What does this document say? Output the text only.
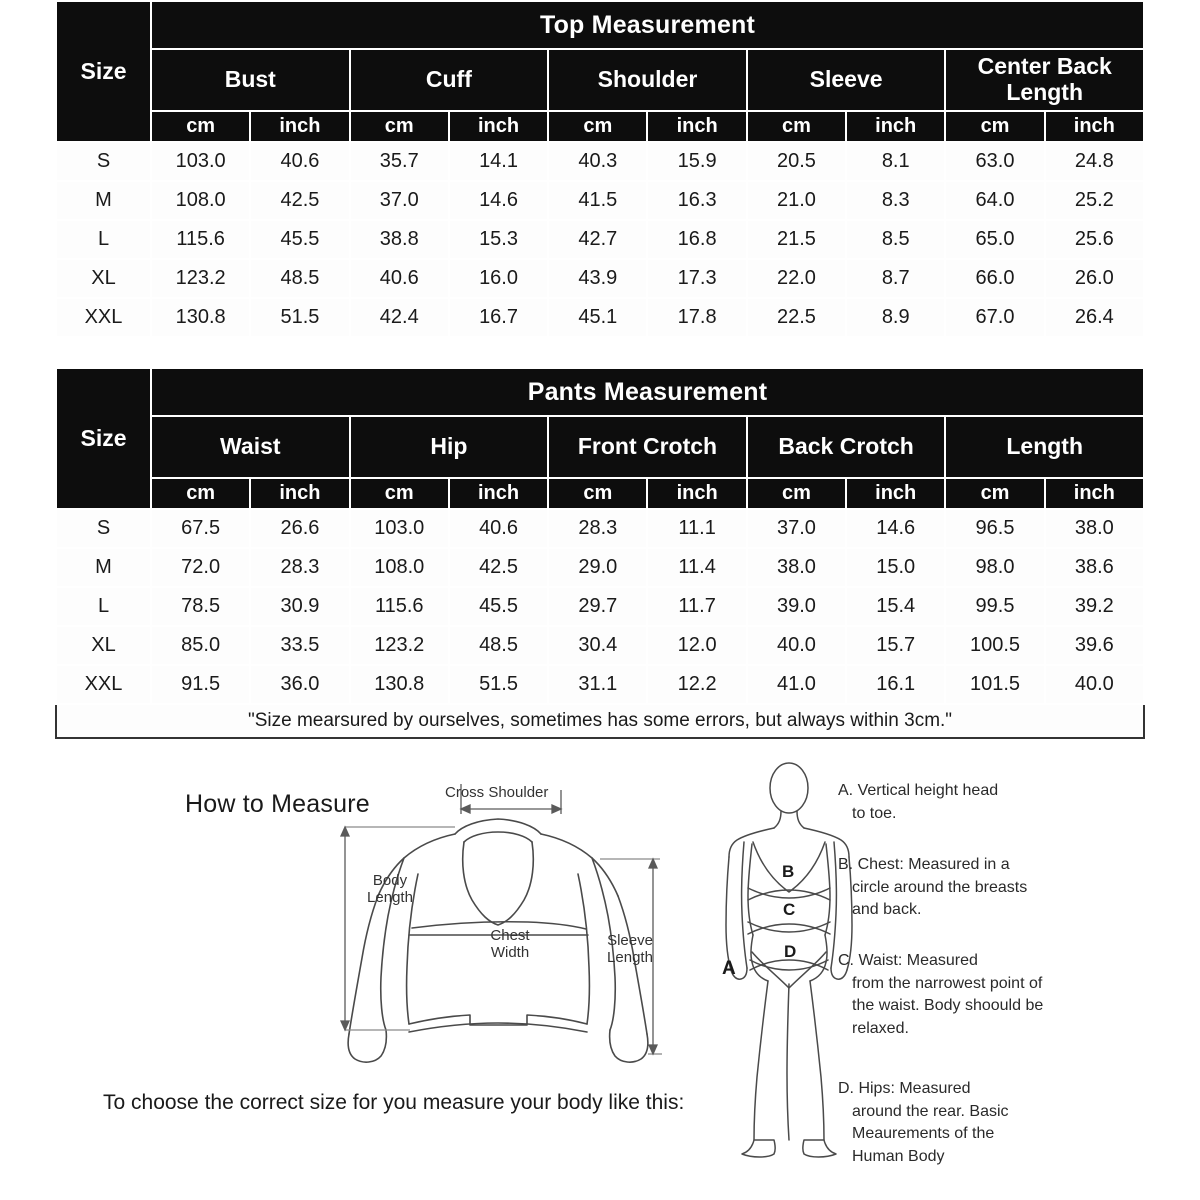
Size	Top Measurement									
	Bust		Cuff		Shoulder		Sleeve		Center Back Length	
	cm	inch	cm	inch	cm	inch	cm	inch	cm	inch
S	103.0	40.6	35.7	14.1	40.3	15.9	20.5	8.1	63.0	24.8
M	108.0	42.5	37.0	14.6	41.5	16.3	21.0	8.3	64.0	25.2
L	115.6	45.5	38.8	15.3	42.7	16.8	21.5	8.5	65.0	25.6
XL	123.2	48.5	40.6	16.0	43.9	17.3	22.0	8.7	66.0	26.0
XXL	130.8	51.5	42.4	16.7	45.1	17.8	22.5	8.9	67.0	26.4
Size	Pants Measurement									
	Waist		Hip		Front Crotch		Back Crotch		Length	
	cm	inch	cm	inch	cm	inch	cm	inch	cm	inch
S	67.5	26.6	103.0	40.6	28.3	11.1	37.0	14.6	96.5	38.0
M	72.0	28.3	108.0	42.5	29.0	11.4	38.0	15.0	98.0	38.6
L	78.5	30.9	115.6	45.5	29.7	11.7	39.0	15.4	99.5	39.2
XL	85.0	33.5	123.2	48.5	30.4	12.0	40.0	15.7	100.5	39.6
XXL	91.5	36.0	130.8	51.5	31.1	12.2	41.0	16.1	101.5	40.0
"Size mearsured by ourselves, sometimes has some errors, but always within 3cm."										
How to Measure
To choose the correct size for you measure your body like this:
Cross Shoulder
Body Length
Chest Width
Sleeve Length
B
C
D
A
A. Vertical height head
to toe.
B. Chest: Measured in a
circle around the breasts and back.
C. Waist: Measured
from the narrowest point of the waist. Body shoould be relaxed.
D. Hips: Measured
around the rear. Basic Meaurements of the Human Body
